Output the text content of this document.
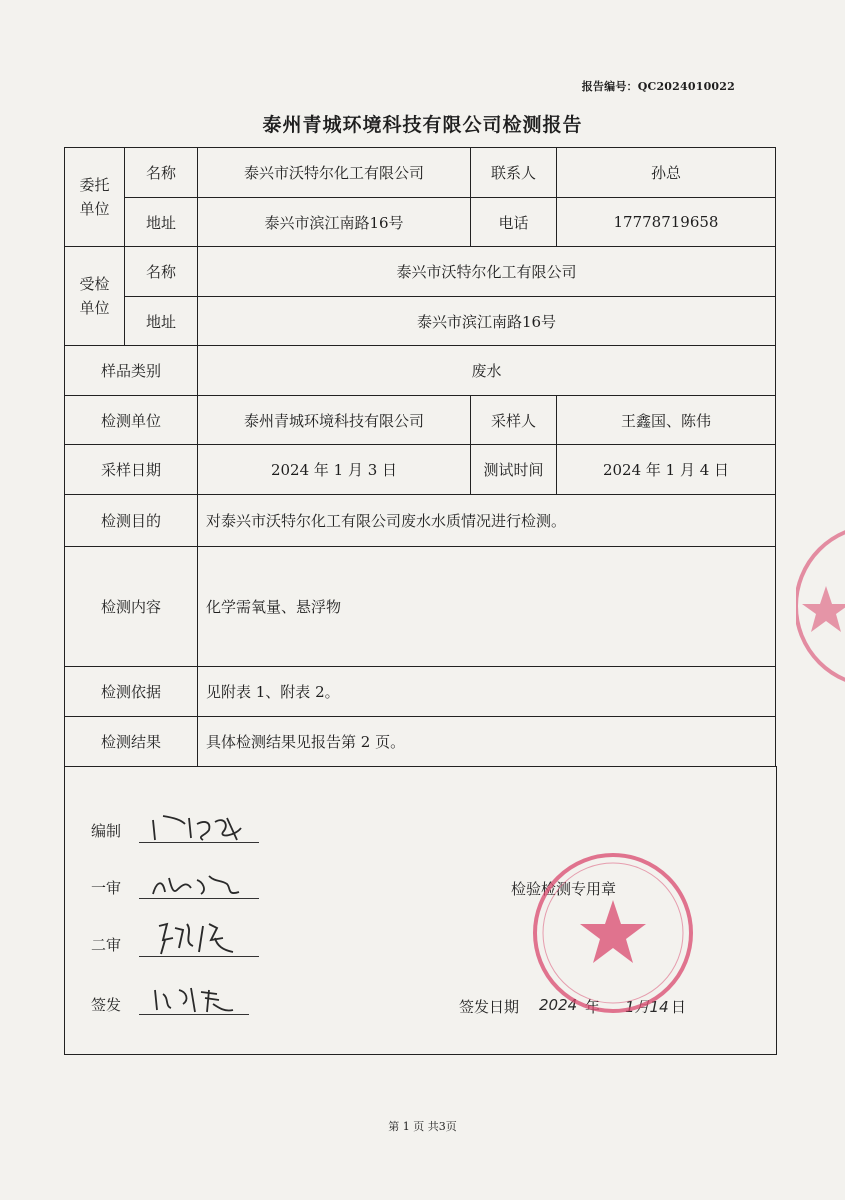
报告编号：QC2024010022
泰州青城环境科技有限公司检测报告
委托
单位	名称	泰兴市沃特尔化工有限公司	联系人	孙总
	地址	泰兴市滨江南路16号	电话	17778719658
受检
单位	名称	泰兴市沃特尔化工有限公司		
	地址	泰兴市滨江南路16号		
样品类别		废水		
检测单位		泰州青城环境科技有限公司	采样人	王鑫国、陈伟
采样日期		2024 年 1 月 3 日	测试时间	2024 年 1 月 4 日
检测目的		对泰兴市沃特尔化工有限公司废水水质情况进行检测。		
检测内容		化学需氧量、悬浮物		
检测依据		见附表 1、附表 2。		
检测结果		具体检测结果见报告第 2 页。		
编制
一审
二审
签发
检验检测专用章
签发日期 2024 年 1月14 日
第 1 页 共3页
